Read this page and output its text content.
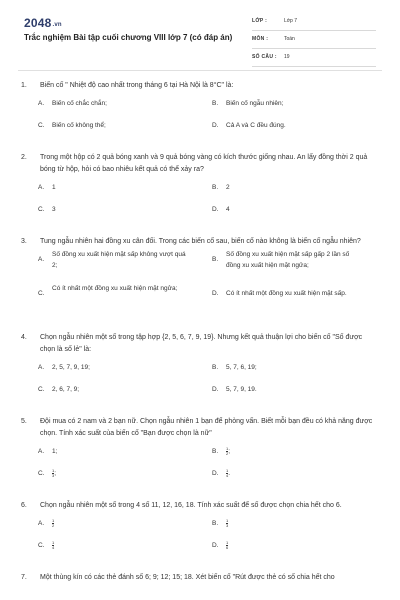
2048.vn
Trắc nghiệm Bài tập cuối chương VIII lớp 7 (có đáp án)
LỚP :	Lớp 7
MÔN :	Toán
SỐ CÂU : 19
1. Biến cố " Nhiệt độ cao nhất trong tháng 6 tại Hà Nội là 8°C" là:
A. Biến cố chắc chắn;	B. Biến cố ngẫu nhiên;
C. Biến cố không thể;	D. Cả A và C đều đúng.
2. Trong một hộp có 2 quả bóng xanh và 9 quả bóng vàng có kích thước giống nhau. An lấy đồng thời 2 quả bóng từ hộp, hỏi có bao nhiêu kết quả có thể xảy ra?
A. 1	B. 2
C. 3	D. 4
3. Tung ngẫu nhiên hai đồng xu cân đối. Trong các biến cố sau, biến cố nào không là biến cố ngẫu nhiên?
A.
Số đồng xu xuất hiện mặt sấp không vượt quá 2;
B.
Số đồng xu xuất hiện mặt sấp gấp 2 lần số đồng xu xuất hiện mặt ngửa;
C.
Có ít nhất một đồng xu xuất hiện mặt ngửa;
D. Có ít nhất một đồng xu xuất hiện mặt sấp.
4. Chọn ngẫu nhiên một số trong tập hợp {2, 5, 6, 7, 9, 19}. Nhưng kết quả thuận lợi cho biến cố "Số được chọn là số lẻ" là:
A. 2, 5, 7, 9, 19;	B. 5, 7, 6, 19;
C. 2, 6, 7, 9;	D. 5, 7, 9, 19.
5. Đội mua có 2 nam và 2 bạn nữ. Chọn ngẫu nhiên 1 bạn để phỏng vấn. Biết mỗi bạn đều có khả năng được chọn. Tính xác suất của biến cố "Bạn được chọn là nữ"
A. 1;	B. $\frac{1}{2}$ ;
C. $\frac{1}{3}$ ;	D. $\frac{1}{4}$ .
6. Chọn ngẫu nhiên một số trong 4 số 11, 12, 16, 18. Tính xác suất để số được chọn chia hết cho 6.
A. $\frac{1}{2}$	B. $\frac{1}{3}$
C. $\frac{1}{4}$	D. $\frac{1}{6}$
7. Một thùng kín có các thẻ đánh số 6; 9; 12; 15; 18. Xét biến cố "Rút được thẻ có số chia hết cho
